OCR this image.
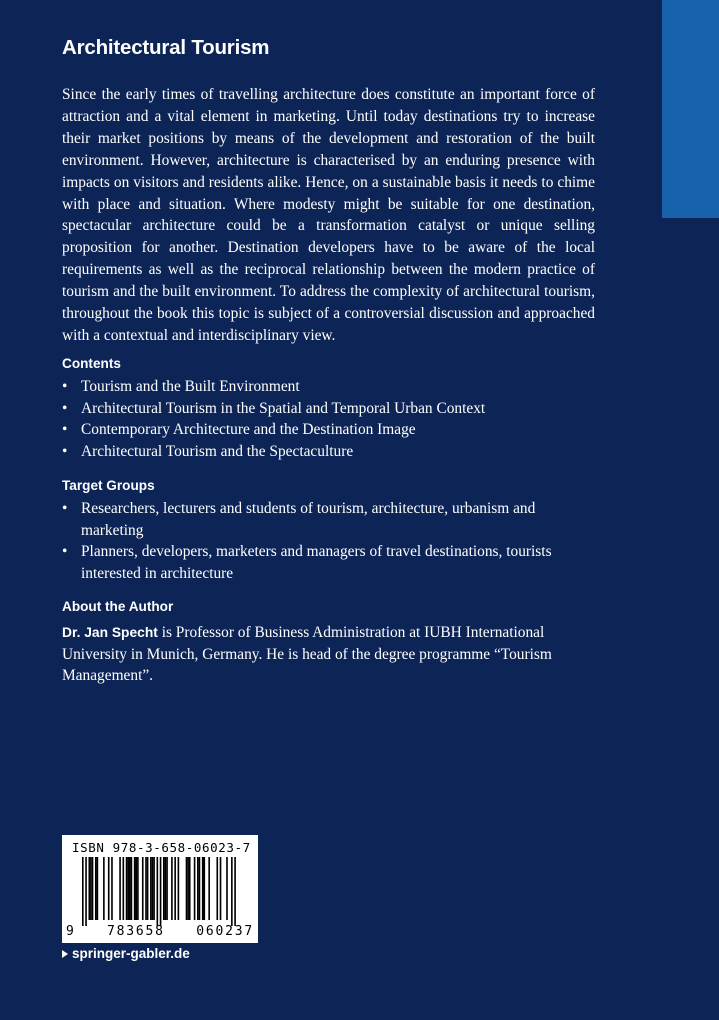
Architectural Tourism

Since the early times of travelling architecture does constitute an important force of attraction and a vital element in marketing. Until today destinations try to increase their market positions by means of the development and restoration of the built environment. However, architecture is characterised by an enduring presence with impacts on visitors and residents alike. Hence, on a sustainable basis it needs to chime with place and situation. Where modesty might be suitable for one destination, spectacular architecture could be a transformation catalyst or unique selling proposition for another. Destination developers have to be aware of the local requirements as well as the reciprocal relationship between the modern practice of tourism and the built environment. To address the complexity of architectural tourism, throughout the book this topic is subject of a controversial discussion and approached with a contextual and interdisciplinary view.

Contents
• Tourism and the Built Environment
• Architectural Tourism in the Spatial and Temporal Urban Context
• Contemporary Architecture and the Destination Image
• Architectural Tourism and the Spectaculture
Target Groups
• Researchers, lecturers and students of tourism, architecture, urbanism and marketing
• Planners, developers, marketers and managers of travel destinations, tourists interested in architecture
About the Author

Dr. Jan Specht is Professor of Business Administration at IUBH International University in Munich, Germany. He is head of the degree programme “Tourism Management”.

ISBN 978-3-658-06023-7
9 783658 060237
springer-gabler.de
